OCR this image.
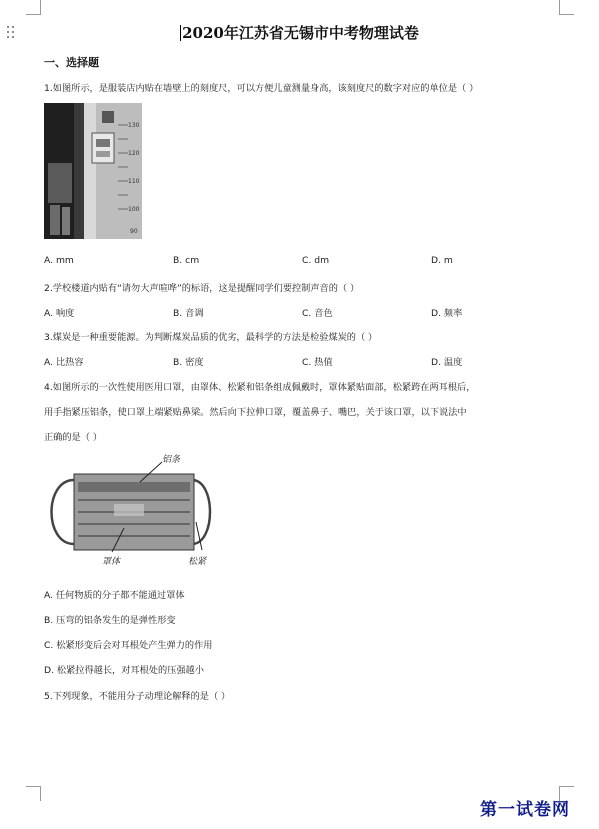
2020年江苏省无锡市中考物理试卷
一、选择题
1.如图所示，是服装店内贴在墙壁上的刻度尺，可以方便儿童测量身高，该刻度尺的数字对应的单位是（ ）
130
120
110
100
90
A. mm	B. cm	C. dm	D. m
2.学校楼道内贴有“请勿大声喧哗”的标语，这是提醒同学们要控制声音的（ ）
A. 响度	B. 音调	C. 音色	D. 频率
3.煤炭是一种重要能源。为判断煤炭品质的优劣，最科学的方法是检验煤炭的（ ）
A. 比热容	B. 密度	C. 热值	D. 温度
4.如图所示的一次性使用医用口罩，由罩体、松紧和铝条组成佩戴时，罩体紧贴面部，松紧跨在两耳根后，
用手指紧压铝条，使口罩上端紧贴鼻梁。然后向下拉伸口罩，覆盖鼻子、嘴巴，关于该口罩，以下说法中
正确的是（ ）
铝条
罩体	松紧
A. 任何物质的分子都不能通过罩体
B. 压弯的铝条发生的是弹性形变
C. 松紧形变后会对耳根处产生弹力的作用
D. 松紧拉得越长，对耳根处的压强越小
5.下列现象，不能用分子动理论解释的是（ ）
第一试卷网
